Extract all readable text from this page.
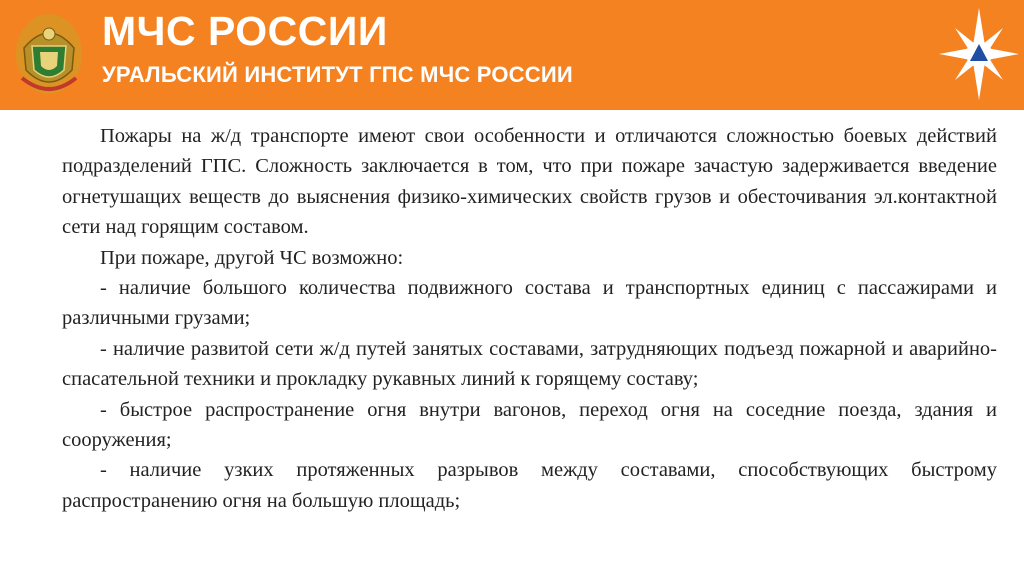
МЧС РОССИИ
УРАЛЬСКИЙ ИНСТИТУТ ГПС МЧС РОССИИ

Пожары на ж/д транспорте имеют свои особенности и отличаются сложностью боевых действий подразделений ГПС. Сложность заключается в том, что при пожаре зачастую задерживается введение огнетушащих веществ до выяснения физико-химических свойств грузов и обесточивания эл.контактной сети над горящим составом.

При пожаре, другой ЧС возможно:

- наличие большого количества подвижного состава и транспортных единиц с пассажирами и различными грузами;

- наличие развитой сети ж/д путей занятых составами, затрудняющих подъезд пожарной и аварийно-спасательной техники и прокладку рукавных линий к горящему составу;

- быстрое распространение огня внутри вагонов, переход огня на соседние поезда, здания и сооружения;

- наличие узких протяженных разрывов между составами, способствующих быстрому распространению огня на большую площадь;
